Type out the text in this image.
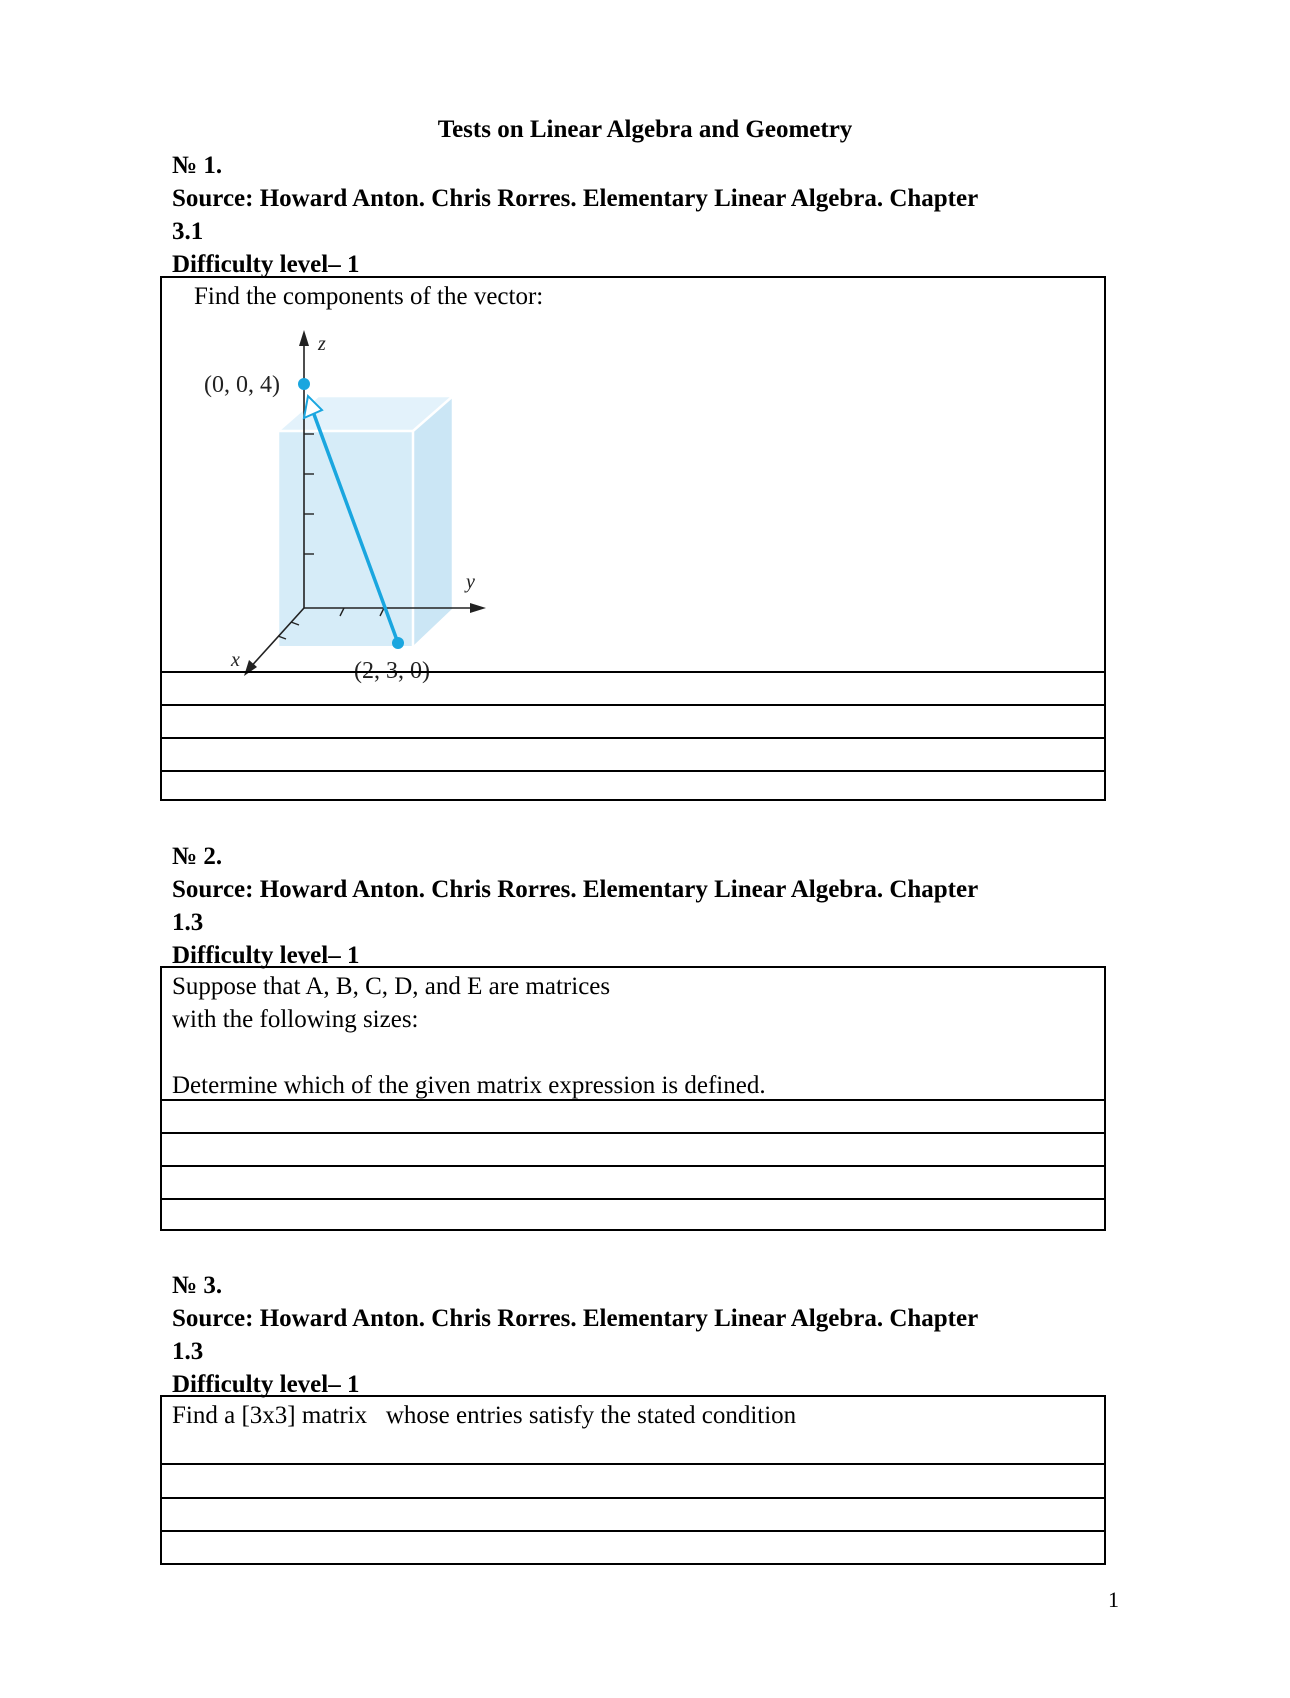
Tests on Linear Algebra and Geometry
№ 1.
Source: Howard Anton. Chris Rorres. Elementary Linear Algebra. Chapter
3.1
Difficulty level– 1
Find the components of the vector:
z
y
x
(0, 0, 4)
(2, 3, 0)
№ 2.
Source: Howard Anton. Chris Rorres. Elementary Linear Algebra. Chapter
1.3
Difficulty level– 1
Suppose that A, B, C, D, and E are matrices
with the following sizes:
Determine which of the given matrix expression is defined.
№ 3.
Source: Howard Anton. Chris Rorres. Elementary Linear Algebra. Chapter
1.3
Difficulty level– 1
Find a [3x3] matrix   whose entries satisfy the stated condition
1
